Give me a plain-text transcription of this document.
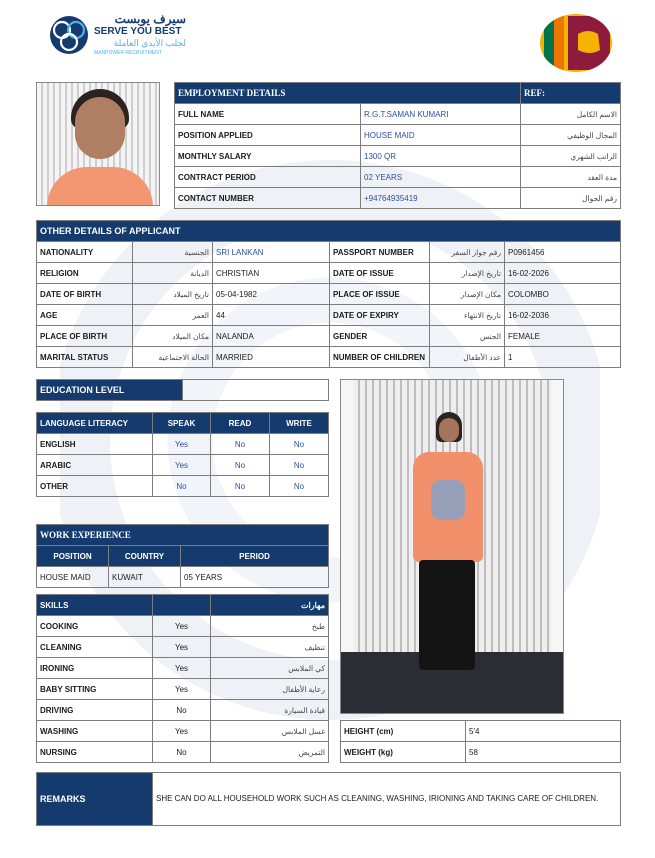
سيرف يوبست
SERVE YOU BEST
لجلب الأيدي العاملة
MANPOWER RECRUITMENT
EMPLOYMENT DETAILS		REF:
FULL NAME	R.G.T.SAMAN KUMARI	الاسم الكامل
POSITION APPLIED	HOUSE MAID	المجال الوظيفي
MONTHLY SALARY	1300 QR	الراتب الشهري
CONTRACT PERIOD	02 YEARS	مدة العقد
CONTACT NUMBER	+94764935419	رقم الجوال
OTHER DETAILS OF APPLICANT					
NATIONALITY	الجنسية	SRI LANKAN	PASSPORT NUMBER	رقم جواز السفر	P0961456
RELIGION	الديانة	CHRISTIAN	DATE OF ISSUE	تاريخ الإصدار	16-02-2026
DATE OF BIRTH	تاريخ الميلاد	05-04-1982	PLACE OF ISSUE	مكان الإصدار	COLOMBO
AGE	العمر	44	DATE OF EXPIRY	تاريخ الانتهاء	16-02-2036
PLACE OF BIRTH	مكان الميلاد	NALANDA	GENDER	الجنس	FEMALE
MARITAL STATUS	الحالة الاجتماعية	MARRIED	NUMBER OF CHILDREN	عدد الأطفال	1
EDUCATION LEVEL	
LANGUAGE LITERACY	SPEAK	READ	WRITE
ENGLISH	Yes	No	No
ARABIC	Yes	No	No
OTHER	No	No	No
WORK EXPERIENCE		
POSITION	COUNTRY	PERIOD
HOUSE MAID	KUWAIT	05 YEARS
SKILLS		مهارات
COOKING	Yes	طبخ
CLEANING	Yes	تنظيف
IRONING	Yes	كي الملابس
BABY SITTING	Yes	رعاية الأطفال
DRIVING	No	قيادة السيارة
WASHING	Yes	غسل الملابس
NURSING	No	التمريض
HEIGHT (cm)	5'4
WEIGHT (kg)	58
REMARKS	SHE CAN DO ALL HOUSEHOLD WORK SUCH AS CLEANING, WASHING, IRIONING AND TAKING CARE OF CHILDREN.
